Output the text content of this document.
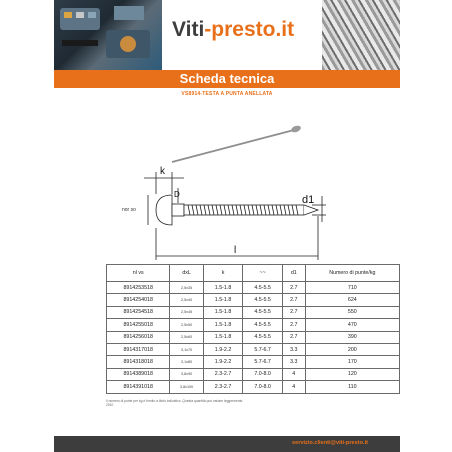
Viti-presto.it
Scheda tecnica
VS8914-TESTA A PUNTA ANELLATA
k
D	d1
l
nor so
nl vs	dxL	k	~~	d1	Numero di punte/kg
8914253518	2,5x35	1.5-1.8	4.5-5.5	2.7	710
8914254018	2,5x40	1.5-1.8	4.5-5.5	2.7	624
8914254518	2,5x45	1.5-1.8	4.5-5.5	2.7	550
8914255018	2,5x50	1.5-1.8	4.5-5.5	2.7	470
8914256018	2,5x60	1.5-1.8	4.5-5.5	2.7	390
8914317018	3,1x70	1.9-2.2	5.7-6.7	3.3	200
8914318018	3,1x80	1.9-2.2	5.7-6.7	3.3	170
8914389018	3,8x90	2.3-2.7	7.0-8.0	4	120
8914391018	3,8x100	2.3-2.7	7.0-8.0	4	110
Il numero di punte per kg è fornito a titolo indicativo. Questa quantità può variare leggermente.
2010
servizio.clienti@viti-presto.it
